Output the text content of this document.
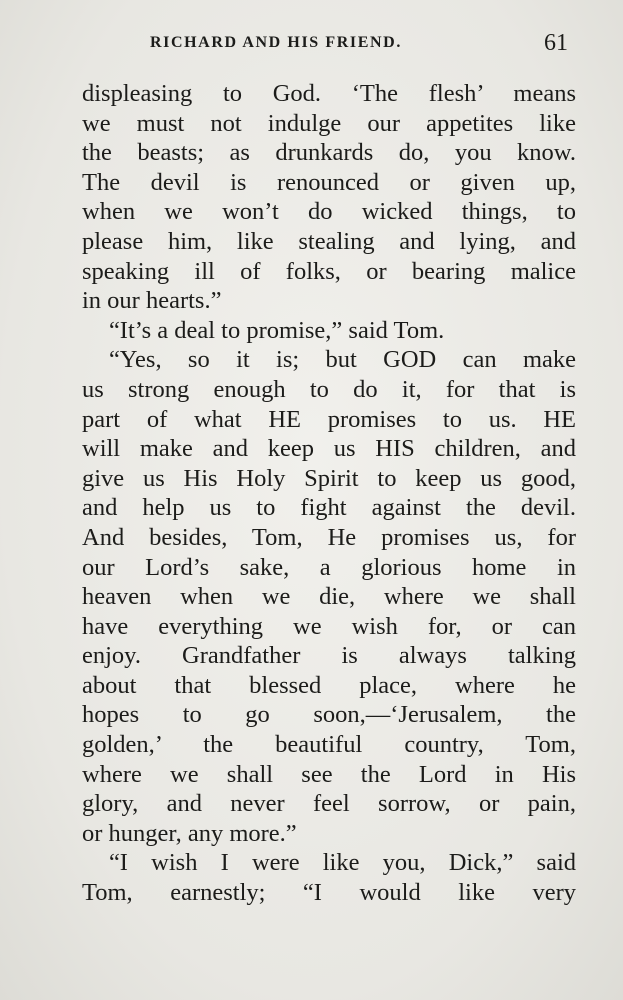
RICHARD AND HIS FRIEND.	61
displeasing to God. ‘The flesh’ means
we must not indulge our appetites like
the beasts; as drunkards do, you know.
The devil is renounced or given up,
when we won’t do wicked things, to
please him, like stealing and lying, and
speaking ill of folks, or bearing malice
in our hearts.”
“It’s a deal to promise,” said Tom.
“Yes, so it is; but GOD can make
us strong enough to do it, for that is
part of what HE promises to us. HE
will make and keep us HIS children, and
give us His Holy Spirit to keep us good,
and help us to fight against the devil.
And besides, Tom, He promises us, for
our Lord’s sake, a glorious home in
heaven when we die, where we shall
have everything we wish for, or can
enjoy. Grandfather is always talking
about that blessed place, where he
hopes to go soon,—‘Jerusalem, the
golden,’ the beautiful country, Tom,
where we shall see the Lord in His
glory, and never feel sorrow, or pain,
or hunger, any more.”
“I wish I were like you, Dick,” said
Tom, earnestly; “I would like very
